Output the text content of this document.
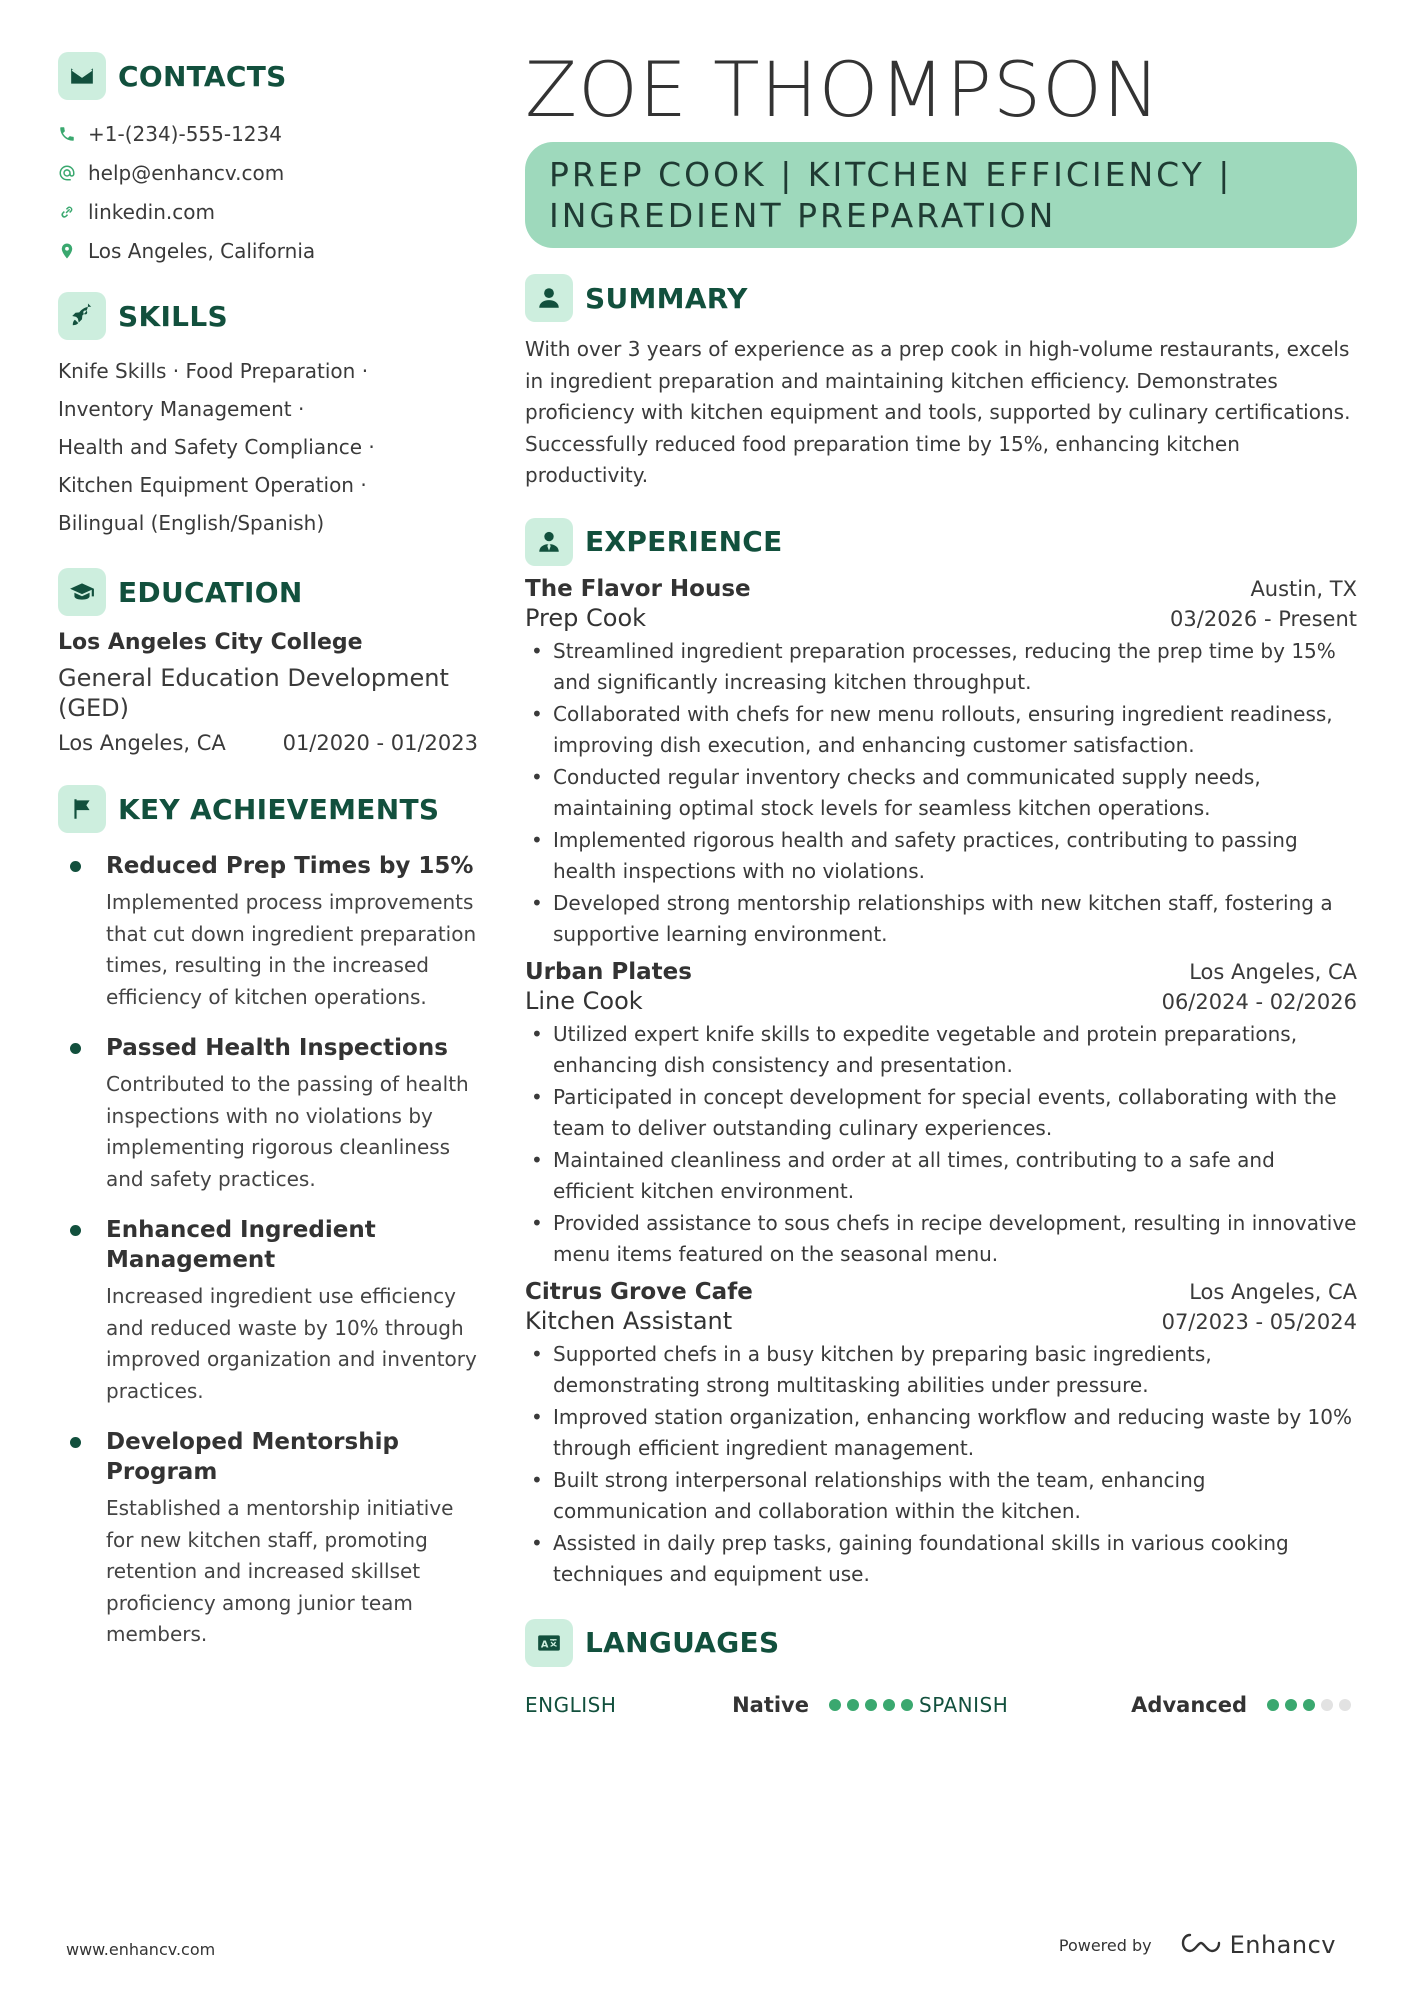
CONTACTS
+1-(234)-555-1234
help@enhancv.com
linkedin.com
Los Angeles, California
SKILLS
Knife Skills · Food Preparation ·
Inventory Management ·
Health and Safety Compliance ·
Kitchen Equipment Operation ·
Bilingual (English/Spanish)
EDUCATION
Los Angeles City College
General Education Development (GED)
Los Angeles, CA	01/2020 - 01/2023
KEY ACHIEVEMENTS
Reduced Prep Times by 15%
Implemented process improvements that cut down ingredient preparation times, resulting in the increased efficiency of kitchen operations.
Passed Health Inspections
Contributed to the passing of health inspections with no violations by implementing rigorous cleanliness and safety practices.
Enhanced Ingredient Management
Increased ingredient use efficiency and reduced waste by 10% through improved organization and inventory practices.
Developed Mentorship Program
Established a mentorship initiative for new kitchen staff, promoting retention and increased skillset proficiency among junior team members.
ZOE THOMPSON
PREP COOK | KITCHEN EFFICIENCY |
INGREDIENT PREPARATION
SUMMARY
With over 3 years of experience as a prep cook in high-volume restaurants, excels in ingredient preparation and maintaining kitchen efficiency. Demonstrates proficiency with kitchen equipment and tools, supported by culinary certifications. Successfully reduced food preparation time by 15%, enhancing kitchen productivity.
EXPERIENCE
The Flavor House	Austin, TX
Prep Cook	03/2026 - Present
• Streamlined ingredient preparation processes, reducing the prep time by 15% and significantly increasing kitchen throughput.
• Collaborated with chefs for new menu rollouts, ensuring ingredient readiness, improving dish execution, and enhancing customer satisfaction.
• Conducted regular inventory checks and communicated supply needs, maintaining optimal stock levels for seamless kitchen operations.
• Implemented rigorous health and safety practices, contributing to passing health inspections with no violations.
• Developed strong mentorship relationships with new kitchen staff, fostering a supportive learning environment.
Urban Plates	Los Angeles, CA
Line Cook	06/2024 - 02/2026
• Utilized expert knife skills to expedite vegetable and protein preparations, enhancing dish consistency and presentation.
• Participated in concept development for special events, collaborating with the team to deliver outstanding culinary experiences.
• Maintained cleanliness and order at all times, contributing to a safe and efficient kitchen environment.
• Provided assistance to sous chefs in recipe development, resulting in innovative menu items featured on the seasonal menu.
Citrus Grove Cafe	Los Angeles, CA
Kitchen Assistant	07/2023 - 05/2024
• Supported chefs in a busy kitchen by preparing basic ingredients, demonstrating strong multitasking abilities under pressure.
• Improved station organization, enhancing workflow and reducing waste by 10% through efficient ingredient management.
• Built strong interpersonal relationships with the team, enhancing communication and collaboration within the kitchen.
• Assisted in daily prep tasks, gaining foundational skills in various cooking techniques and equipment use.
A LANGUAGES
ENGLISH	Native	SPANISH	Advanced
www.enhancv.com	Powered by	Enhancv
